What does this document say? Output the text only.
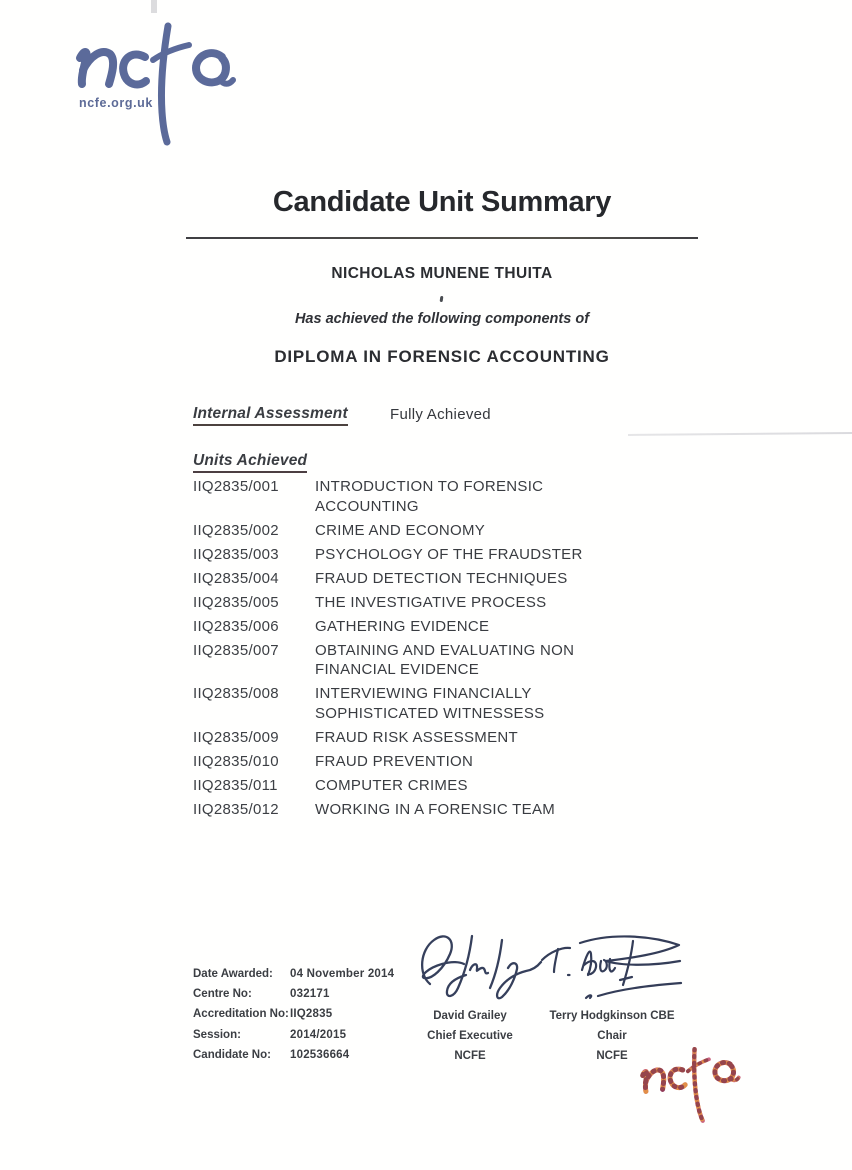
ncfe.org.uk
Candidate Unit Summary
NICHOLAS MUNENE THUITA
Has achieved the following components of
DIPLOMA IN FORENSIC ACCOUNTING
Internal Assessment	Fully Achieved
Units Achieved
IIQ2835/001	INTRODUCTION TO FORENSIC ACCOUNTING
IIQ2835/002	CRIME AND ECONOMY
IIQ2835/003	PSYCHOLOGY OF THE FRAUDSTER
IIQ2835/004	FRAUD DETECTION TECHNIQUES
IIQ2835/005	THE INVESTIGATIVE PROCESS
IIQ2835/006	GATHERING EVIDENCE
IIQ2835/007	OBTAINING AND EVALUATING NON FINANCIAL EVIDENCE
IIQ2835/008	INTERVIEWING FINANCIALLY SOPHISTICATED WITNESSESS
IIQ2835/009	FRAUD RISK ASSESSMENT
IIQ2835/010	FRAUD PREVENTION
IIQ2835/011	COMPUTER CRIMES
IIQ2835/012	WORKING IN A FORENSIC TEAM
Date Awarded:	04 November 2014
Centre No:	032171
Accreditation No: IIQ2835
Session:	2014/2015
Candidate No:	102536664
David Grailey
Chief Executive
NCFE
Terry Hodgkinson CBE
Chair
NCFE
